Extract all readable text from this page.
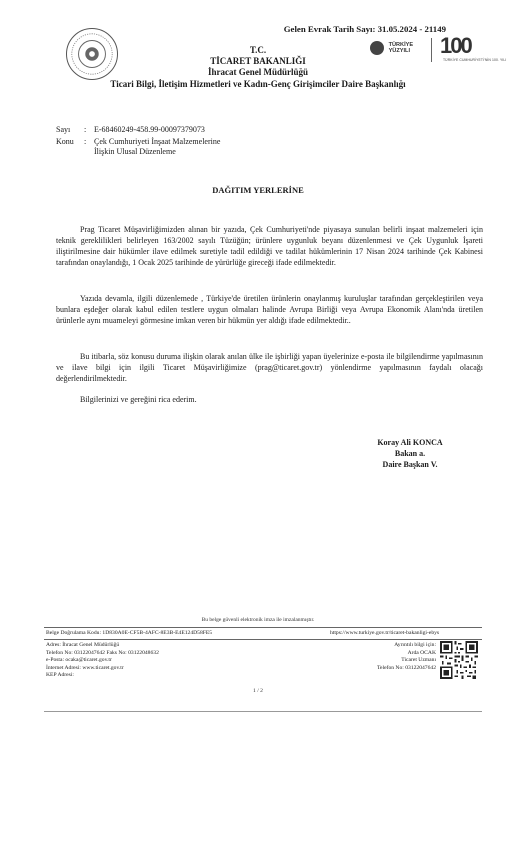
Gelen Evrak Tarih Sayı: 31.05.2024 - 21149
T.C.
TİCARET BAKANLIĞI
İhracat Genel Müdürlüğü
Ticari Bilgi, İletişim Hizmetleri ve Kadın-Genç Girişimciler Daire Başkanlığı
TÜRKİYE
YÜZYILI 100
TÜRKİYE CUMHURİYETİ'NİN 100. YILI
Sayı : E-68460249-458.99-00097379073
Konu : Çek Cumhuriyeti İnşaat Malzemelerine
İlişkin Ulusal Düzenleme
DAĞITIM YERLERİNE

Prag Ticaret Müşavirliğimizden alınan bir yazıda, Çek Cumhuriyeti'nde piyasaya sunulan belirli inşaat malzemeleri için teknik gereklilikleri belirleyen 163/2002 sayılı Tüzüğün; ürünlere uygunluk beyanı düzenlenmesi ve Çek Uygunluk İşareti iliştirilmesine dair hükümler ilave edilmek suretiyle tadil edildiği ve tadilat hükümlerinin 17 Nisan 2024 tarihinde Çek Kabinesi tarafından onaylandığı, 1 Ocak 2025 tarihinde de yürürlüğe gireceği ifade edilmektedir.

Yazıda devamla, ilgili düzenlemede , Türkiye'de üretilen ürünlerin onaylanmış kuruluşlar tarafından gerçekleştirilen veya bunlara eşdeğer olarak kabul edilen testlere uygun olmaları halinde Avrupa Birliği veya Avrupa Ekonomik Alanı'nda üretilen ürünlerle aynı muameleyi görmesine imkan veren bir hükmün yer aldığı ifade edilmektedir..

Bu itibarla, söz konusu duruma ilişkin olarak anılan ülke ile işbirliği yapan üyelerinize e-posta ile bilgilendirme yapılmasının ve ilave bilgi için ilgili Ticaret Müşavirliğimize (prag@ticaret.gov.tr) yönlendirme yapılmasının faydalı olacağı değerlendirilmektedir.

Bilgilerinizi ve gereğini rica ederim.

Koray Ali KONCA
Bakan a.
Daire Başkan V.
Bu belge güvenli elektronik imza ile imzalanmıştır.
Belge Doğrulama Kodu: 1D830A0E-CF5B-4AFC-8E3B-E4E124D58FE5	https://www.turkiye.gov.tr/ticaret-bakanligi-ebys
Adres: İhracat Genel Müdürlüğü
Telefon No: 03122047642 Faks No: 03122048632
e-Posta: ocaka@ticaret.gov.tr
İnternet Adresi: www.ticaret.gov.tr
KEP Adresi:
Ayrıntılı bilgi için:
Arda OCAK
Ticaret Uzmanı
Telefon No: 03122047642
1 / 2
